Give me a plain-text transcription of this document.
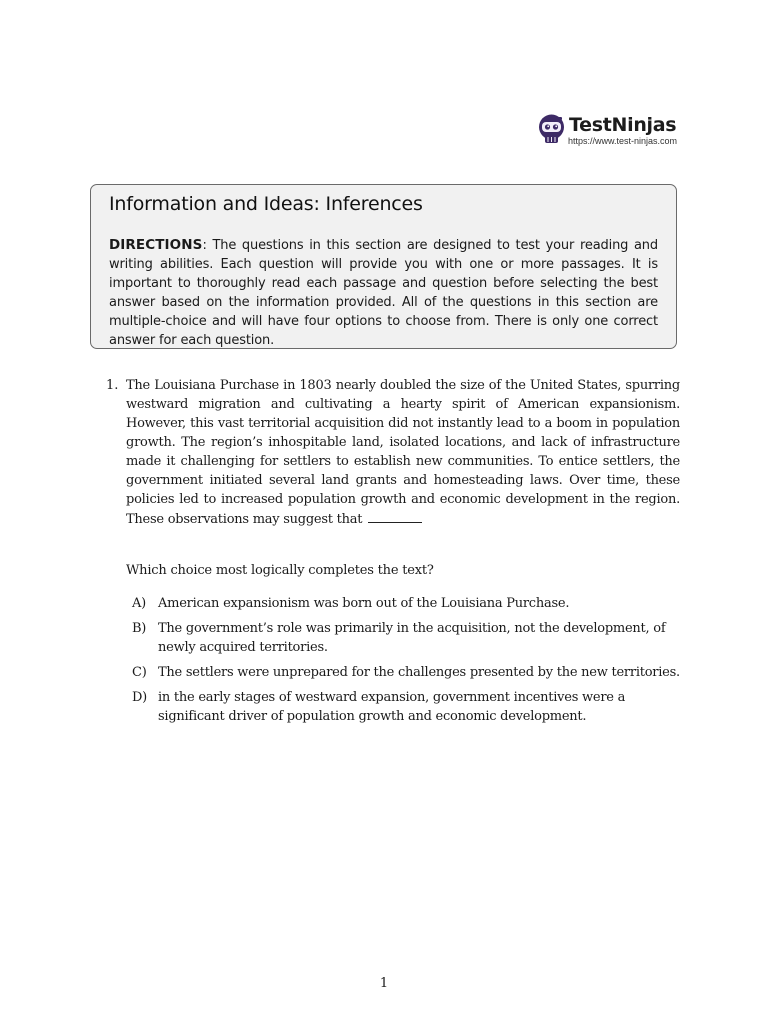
TestNinjas
https://www.test-ninjas.com
Information and Ideas: Inferences
DIRECTIONS: The questions in this section are designed to test your reading and writing abilities. Each question will provide you with one or more passages. It is important to thoroughly read each passage and question before selecting the best answer based on the information provided. All of the questions in this section are multiple-choice and will have four options to choose from. There is only one correct answer for each question.
1. The Louisiana Purchase in 1803 nearly doubled the size of the United States, spurring westward migration and cultivating a hearty spirit of American expansionism. However, this vast territorial acquisition did not instantly lead to a boom in population growth. The region’s inhospitable land, isolated locations, and lack of infrastructure made it challenging for settlers to establish new communities. To entice settlers, the government initiated several land grants and homesteading laws. Over time, these policies led to increased population growth and economic development in the region. These observations may suggest that
Which choice most logically completes the text?
A) American expansionism was born out of the Louisiana Purchase.
B) The government’s role was primarily in the acquisition, not the development, of newly acquired territories.
C) The settlers were unprepared for the challenges presented by the new territories.
D) in the early stages of westward expansion, government incentives were a significant driver of population growth and economic development.
1
